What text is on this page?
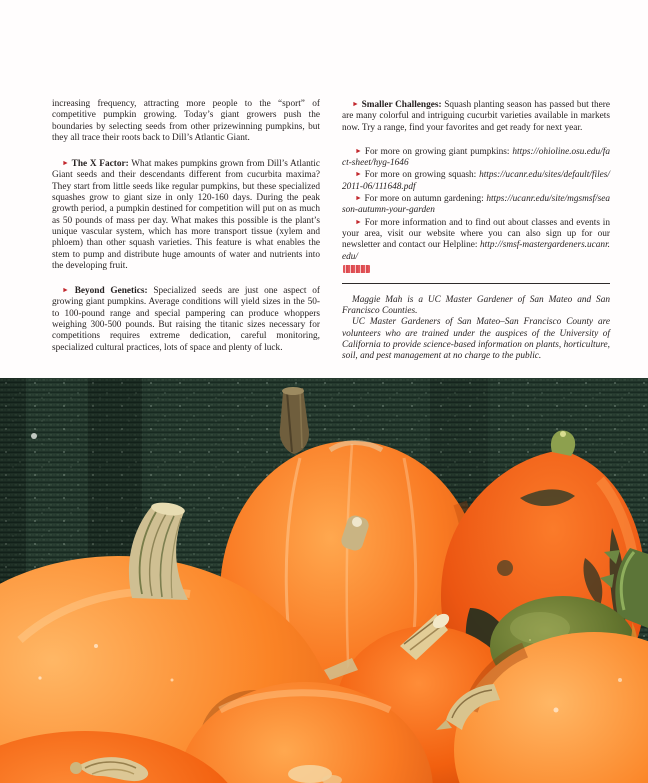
increasing frequency, attracting more people to the “sport” of competitive pumpkin growing. Today’s giant growers push the boundaries by selecting seeds from other prizewinning pumpkins, but they all trace their roots back to Dill’s Atlantic Giant.

► The X Factor: What makes pumpkins grown from Dill’s Atlantic Giant seeds and their descendants different from cucurbita maxima? They start from little seeds like regular pumpkins, but these specialized squashes grow to giant size in only 120-160 days. During the peak growth period, a pumpkin destined for competition will put on as much as 50 pounds of mass per day. What makes this possible is the plant’s unique vascular system, which has more transport tissue (xylem and phloem) than other squash varieties. This feature is what enables the stem to pump and distribute huge amounts of water and nutrients into the developing fruit.

► Beyond Genetics: Specialized seeds are just one aspect of growing giant pumpkins. Average conditions will yield sizes in the 50- to 100-pound range and special pampering can produce whoppers weighing 300-500 pounds. But raising the titanic sizes necessary for competitions requires extreme dedication, careful monitoring, specialized cultural practices, lots of space and plenty of luck.

► Smaller Challenges: Squash planting season has passed but there are many colorful and intriguing cucurbit varieties available in markets now. Try a range, find your favorites and get ready for next year.

► For more on growing giant pumpkins: https://ohioline.osu.edu/fact-sheet/hyg-1646

► For more on growing squash: https://ucanr.edu/sites/default/files/2011-06/111648.pdf

► For more on autumn gardening: https://ucanr.edu/site/mgsmsf/season-autumn-your-garden

► For more information and to find out about classes and events in your area, visit our website where you can also sign up for our newsletter and contact our Helpline: http://smsf-mastergardeners.ucanr.edu/

Maggie Mah is a UC Master Gardener of San Mateo and San Francisco Counties.

UC Master Gardeners of San Mateo–San Francisco County are volunteers who are trained under the auspices of the University of California to provide science-based information on plants, horticulture, soil, and pest management at no charge to the public.
